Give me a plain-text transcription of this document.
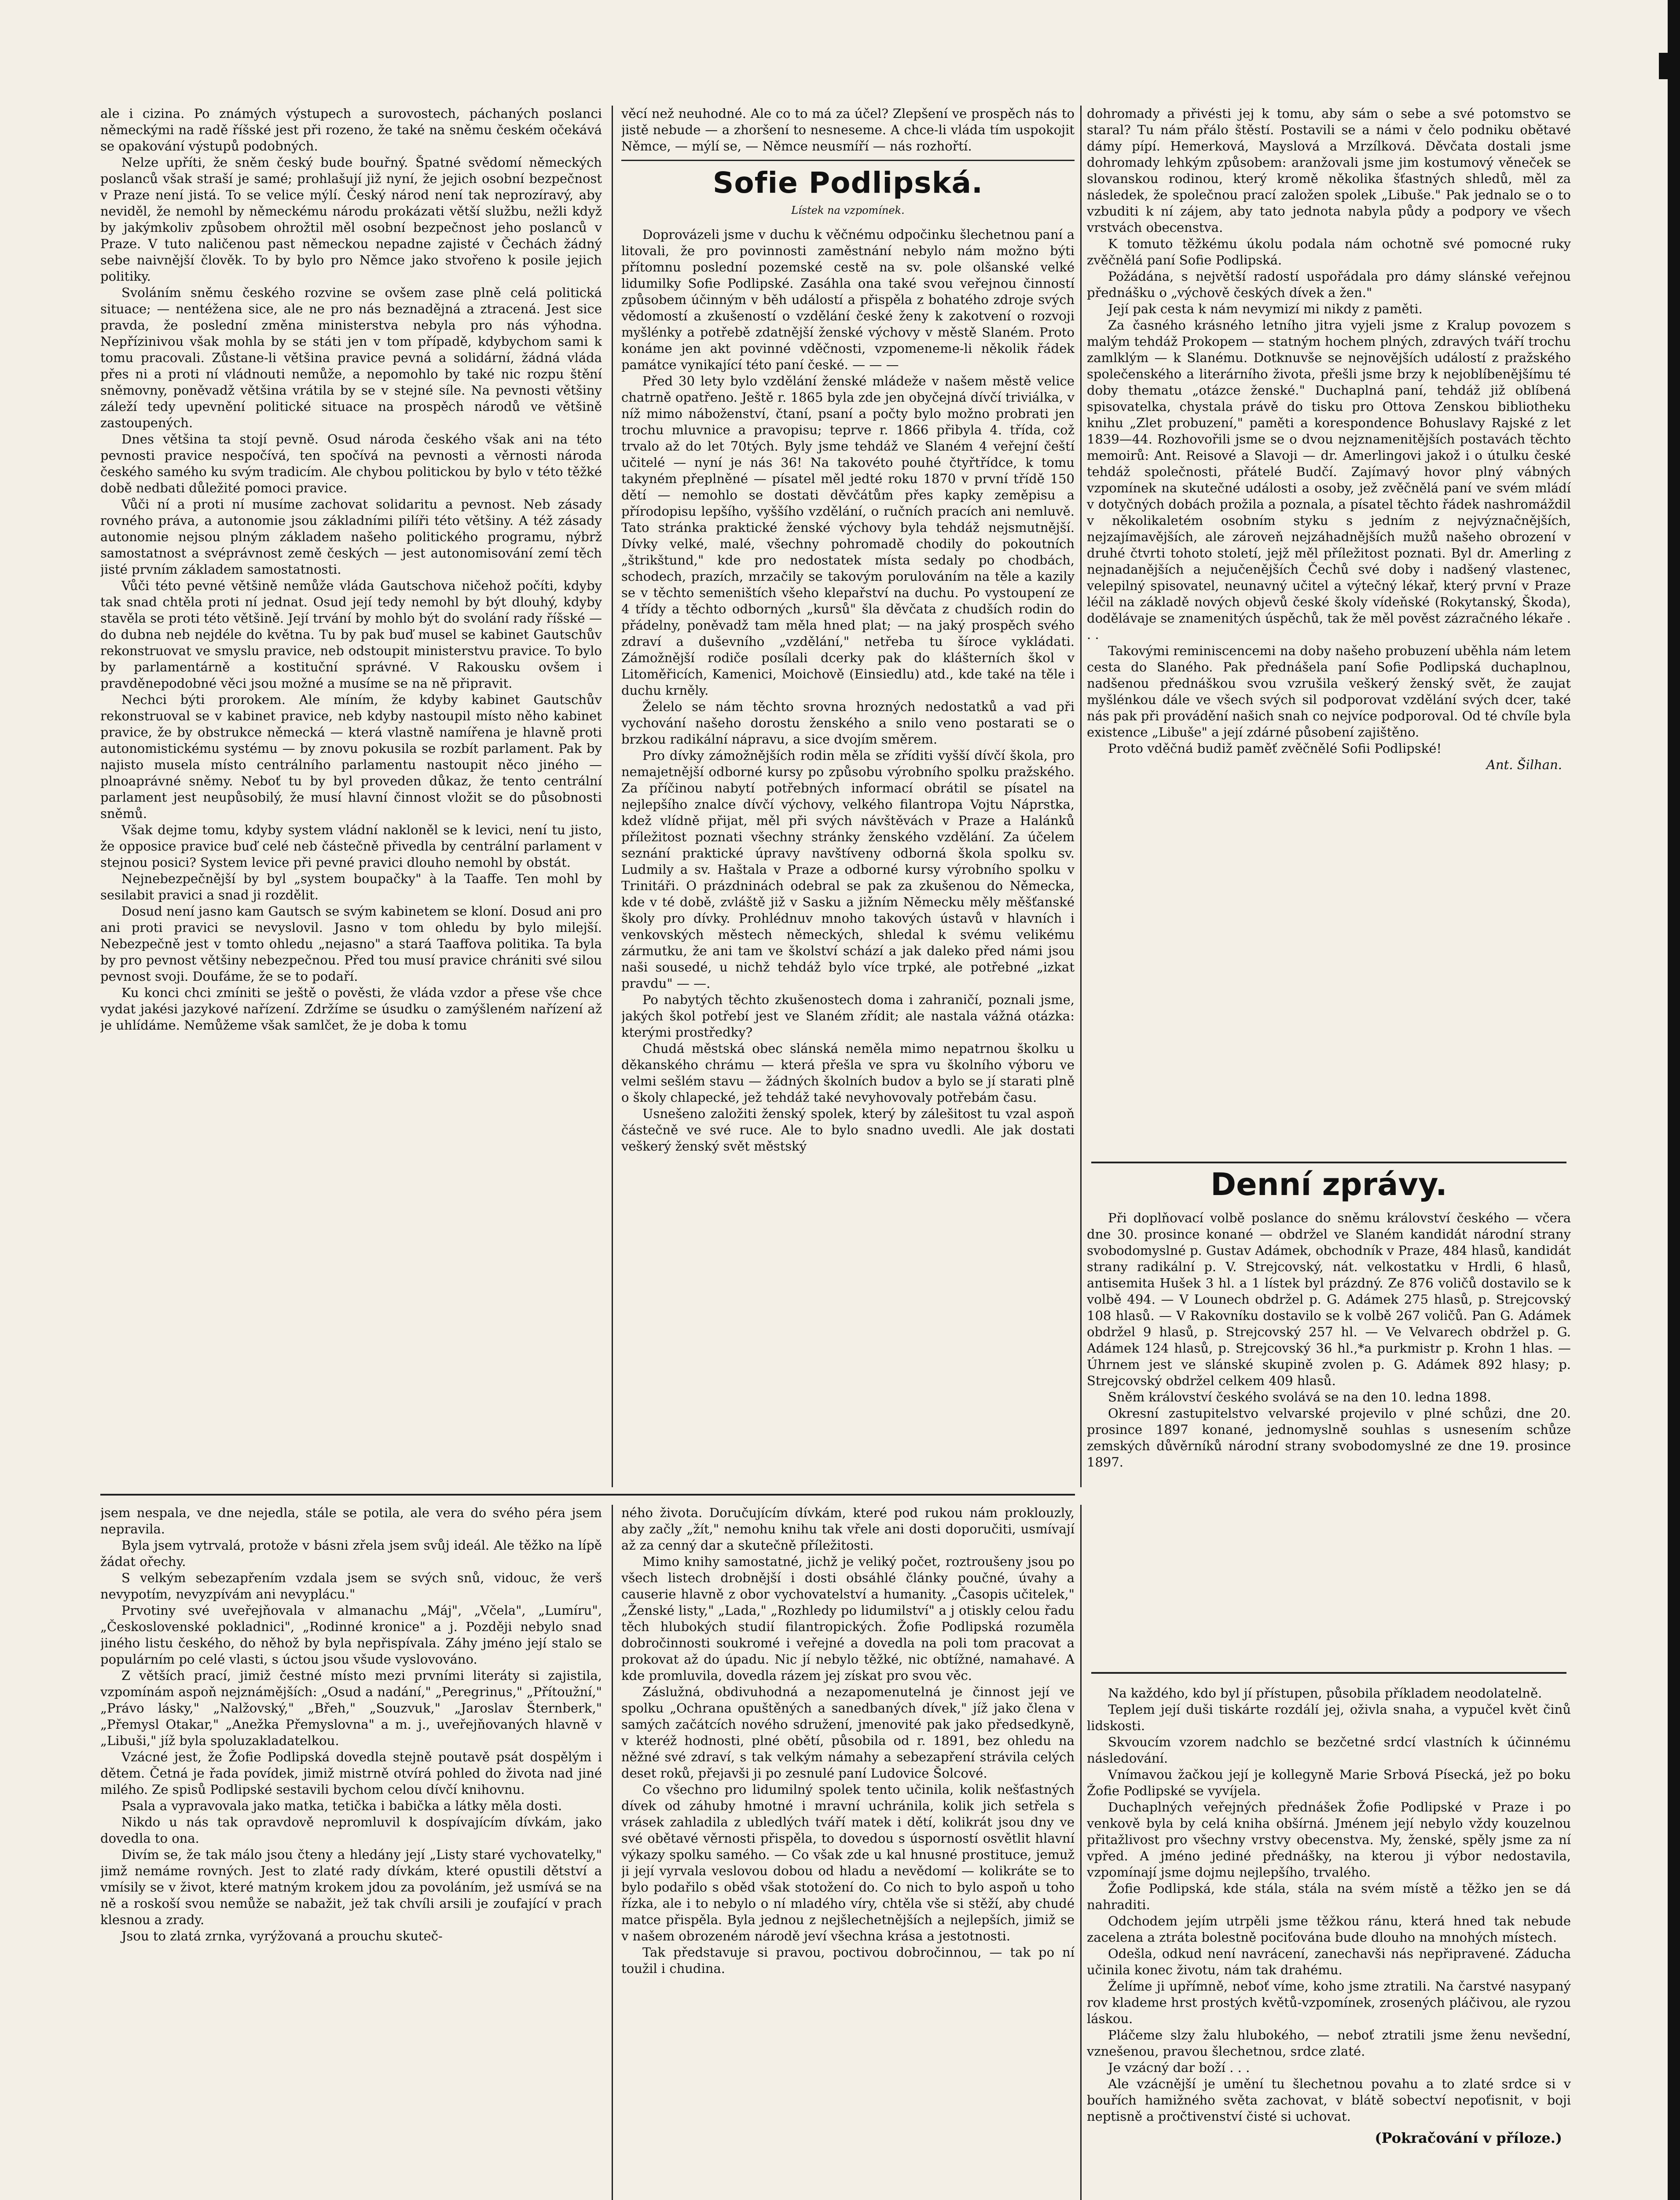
ale i cizina. Po známých výstupech a surovostech, páchaných poslanci německými na radě říšské jest při rozeno, že také na sněmu českém očekává se opakování výstupů podobných.

Nelze upříti, že sněm český bude bouřný. Špatné svědomí německých poslanců však straší je samé; prohlašují již nyní, že jejich osobní bezpečnost v Praze není jistá. To se velice mýlí. Český národ není tak neprozíravý, aby neviděl, že nemohl by německému národu prokázati větší službu, nežli když by jakýmkoliv způsobem ohrožtil měl osobní bezpečnost jeho poslanců v Praze. V tuto naličenou past německou nepadne zajisté v Čechách žádný sebe naivnější člověk. To by bylo pro Němce jako stvořeno k posile jejich politiky.

Svoláním sněmu českého rozvine se ovšem zase plně celá politická situace; — nentéžena sice, ale ne pro nás beznadějná a ztracená. Jest sice pravda, že poslední změna ministerstva nebyla pro nás výhodna. Nepřízinivou však mohla by se státi jen v tom případě, kdybychom sami k tomu pracovali. Zůstane-li většina pravice pevná a solidární, žádná vláda přes ni a proti ní vládnouti nemůže, a nepomohlo by také nic rozpu štění sněmovny, poněvadž většina vrátila by se v stejné síle. Na pevnosti většiny záleží tedy upevnění politické situace na prospěch národů ve většině zastoupených.

Dnes většina ta stojí pevně. Osud národa českého však ani na této pevnosti pravice nespočívá, ten spočívá na pevnosti a věrnosti národa českého samého ku svým tradicím. Ale chybou politickou by bylo v této těžké době nedbati důležité pomoci pravice.

Vůči ní a proti ní musíme zachovat solidaritu a pevnost. Neb zásady rovného práva, a autonomie jsou základními pilíři této většiny. A též zásady autonomie nejsou plným základem našeho politického programu, nýbrž samostatnost a svéprávnost země českých — jest autonomisování zemí těch jisté prvním základem samostatnosti.

Vůči této pevné většině nemůže vláda Gautschova ničehož počíti, kdyby tak snad chtěla proti ní jednat. Osud její tedy nemohl by být dlouhý, kdyby stavěla se proti této většině. Její trvání by mohlo být do svolání rady říšské — do dubna neb nejdéle do května. Tu by pak buď musel se kabinet Gautschův rekonstruovat ve smyslu pravice, neb odstoupit ministerstvu pravice. To bylo by parlamentárně a kostituční správné. V Rakousku ovšem i pravděnepodobné věci jsou možné a musíme se na ně připravit.

Nechci býti prorokem. Ale míním, že kdyby kabinet Gautschův rekonstruoval se v kabinet pravice, neb kdyby nastoupil místo něho kabinet pravice, že by obstrukce německá — která vlastně namířena je hlavně proti autonomistickému systému — by znovu pokusila se rozbít parlament. Pak by najisto musela místo centrálního parlamentu nastoupit něco jiného — plnoaprávné sněmy. Neboť tu by byl proveden důkaz, že tento centrální parlament jest neupůsobilý, že musí hlavní činnost vložit se do působnosti sněmů.

Však dejme tomu, kdyby system vládní nakloněl se k levici, není tu jisto, že opposice pravice buď celé neb částečně přivedla by centrální parlament v stejnou posici? System levice při pevné pravici dlouho nemohl by obstát.

Nejnebezpečnější by byl „system boupačky" à la Taaffe. Ten mohl by sesilabit pravici a snad ji rozdělit.

Dosud není jasno kam Gautsch se svým kabinetem se kloní. Dosud ani pro ani proti pravici se nevyslovil. Jasno v tom ohledu by bylo milejší. Nebezpečně jest v tomto ohledu „nejasno" a stará Taaffova politika. Ta byla by pro pevnost většiny nebezpečnou. Před tou musí pravice chrániti své silou pevnost svoji. Doufáme, že se to podaří.

Ku konci chci zmíniti se ještě o pověsti, že vláda vzdor a přese vše chce vydat jakési jazykové nařízení. Zdržíme se úsudku o zamýšleném nařízení až je uhlídáme. Nemůžeme však samlčet, že je doba k tomu

věcí než neuhodné. Ale co to má za účel? Zlepšení ve prospěch nás to jistě nebude — a zhoršení to nesneseme. A chce-li vláda tím uspokojit Němce, — mýlí se, — Němce neusmíří — nás rozhořtí.

Sofie Podlipská.
Lístek na vzpomínek.

Doprovázeli jsme v duchu k věčnému odpočinku šlechetnou paní a litovali, že pro povinnosti zaměstnání nebylo nám možno býti přítomnu poslední pozemské cestě na sv. pole olšanské velké lidumilky Sofie Podlipské. Zasáhla ona také svou veřejnou činností způsobem účinným v běh událostí a přispěla z bohatého zdroje svých vědomostí a zkušeností o vzdělání české ženy k zakotvení o rozvoji myšlénky a potřebě zdatnější ženské výchovy v městě Slaném. Proto konáme jen akt povinné vděčnosti, vzpomeneme-li několik řádek památce vynikající této paní české. — — —

Před 30 lety bylo vzdělání ženské mládeže v našem městě velice chatrně opatřeno. Ještě r. 1865 byla zde jen obyčejná dívčí triviálka, v níž mimo náboženství, čtaní, psaní a počty bylo možno probrati jen trochu mluvnice a pravopisu; teprve r. 1866 přibyla 4. třída, což trvalo až do let 70tých. Byly jsme tehdáž ve Slaném 4 veřejní čeští učitelé — nyní je nás 36! Na takovéto pouhé čtyřtřídce, k tomu takyném přeplněné — písatel měl jedté roku 1870 v první třídě 150 dětí — nemohlo se dostati děvčátům přes kapky zeměpisu a přírodopisu lepšího, vyššího vzdělání, o ručních pracích ani nemluvě. Tato stránka praktické ženské výchovy byla tehdáž nejsmutnější. Dívky velké, malé, všechny pohromadě chodily do pokoutních „štrikštund," kde pro nedostatek místa sedaly po chodbách, schodech, prazích, mrzačily se takovým porulováním na těle a kazily se v těchto semeništích všeho klepařství na duchu. Po vystoupení ze 4 třídy a těchto odborných „kursů" šla děvčata z chudších rodin do přádelny, poněvadž tam měla hned plat; — na jaký prospěch svého zdraví a duševního „vzdělání," netřeba tu šíroce vykládati. Zámožnější rodiče posílali dcerky pak do klášterních škol v Litoměřicích, Kamenici, Moichově (Einsiedlu) atd., kde také na těle i duchu krněly.

Želelo se nám těchto srovna hrozných nedostatků a vad při vychování našeho dorostu ženského a snilo veno postarati se o brzkou radikální nápravu, a sice dvojím směrem.

Pro dívky zámožnějších rodin měla se zříditi vyšší dívčí škola, pro nemajetnější odborné kursy po způsobu výrobního spolku pražského. Za příčinou nabytí potřebných informací obrátil se písatel na nejlepšího znalce dívčí výchovy, velkého filantropa Vojtu Náprstka, kdež vlídně přijat, měl při svých návštěvách v Praze a Halánků příležitost poznati všechny stránky ženského vzdělání. Za účelem seznání praktické úpravy navštíveny odborná škola spolku sv. Ludmily a sv. Haštala v Praze a odborné kursy výrobního spolku v Trinitáři. O prázdninách odebral se pak za zkušenou do Německa, kde v té době, zvláště již v Sasku a jižním Německu měly měšťanské školy pro dívky. Prohlédnuv mnoho takových ústavů v hlavních i venkovských městech německých, shledal k svému velikému zármutku, že ani tam ve školství schází a jak daleko před námi jsou naši sousedé, u nichž tehdáž bylo více trpké, ale potřebné „izkat pravdu" — —.

Po nabytých těchto zkušenostech doma i zahraničí, poznali jsme, jakých škol potřebí jest ve Slaném zřídit; ale nastala vážná otázka: kterými prostředky?

Chudá městská obec slánská neměla mimo nepatrnou školku u děkanského chrámu — která přešla ve spra vu školního výboru ve velmi sešlém stavu — žádných školních budov a bylo se jí starati plně o školy chlapecké, jež tehdáž také nevyhovovaly potřebám času.

Usnešeno založiti ženský spolek, který by zálešitost tu vzal aspoň částečně ve své ruce. Ale to bylo snadno uvedli. Ale jak dostati veškerý ženský svět městský

dohromady a přivésti jej k tomu, aby sám o sebe a své potomstvo se staral? Tu nám přálo štěstí. Postavili se a námi v čelo podniku obětavé dámy pípí. Hemerková, Mayslová a Mrzílková. Děvčata dostali jsme dohromady lehkým způsobem: aranžovali jsme jim kostumový věneček se slovanskou rodinou, který kromě několika šťastných shledů, měl za následek, že společnou prací založen spolek „Libuše." Pak jednalo se o to vzbuditi k ní zájem, aby tato jednota nabyla půdy a podpory ve všech vrstvách obecenstva.

K tomuto těžkému úkolu podala nám ochotně své pomocné ruky zvěčnělá paní Sofie Podlipská.

Požádána, s největší radostí uspořádala pro dámy slánské veřejnou přednášku o „výchově českých dívek a žen."

Její pak cesta k nám nevymizí mi nikdy z paměti.

Za časného krásného letního jitra vyjeli jsme z Kralup povozem s malým tehdáž Prokopem — statným hochem plných, zdravých tváří trochu zamlklým — k Slanému. Dotknuvše se nejnovějších událostí z pražského společenského a literárního života, přešli jsme brzy k nejoblíbenějšímu té doby thematu „otázce ženské." Duchaplná paní, tehdáž již oblíbená spisovatelka, chystala právě do tisku pro Ottova Zenskou bibliotheku knihu „Zlet probuzení," paměti a korespondence Bohuslavy Rajské z let 1839—44. Rozhovořili jsme se o dvou nejznamenitějších postavách těchto memoirů: Ant. Reisové a Slavoji — dr. Amerlingovi jakož i o útulku české tehdáž společnosti, přátelé Budčí. Zajímavý hovor plný vábných vzpomínek na skutečné události a osoby, jež zvěčnělá paní ve svém mládí v dotyčných dobách prožila a poznala, a písatel těchto řádek nashromáždil v několikaletém osobním styku s jedním z nejvýznačnějších, nejzajímavějších, ale zároveň nejzáhadnějších mužů našeho obrození v druhé čtvrti tohoto století, jejž měl příležitost poznati. Byl dr. Amerling z nejnadanějších a nejučenějších Čechů své doby i nadšený vlastenec, velepilný spisovatel, neunavný učitel a výtečný lékař, který první v Praze léčil na základě nových objevů české školy vídeňské (Rokytanský, Škoda), dodělávaje se znamenitých úspěchů, tak že měl pověst zázračného lékaře . . .

Takovými reminiscencemi na doby našeho probuzení uběhla nám letem cesta do Slaného. Pak přednášela paní Sofie Podlipská duchaplnou, nadšenou přednáškou svou vzrušila veškerý ženský svět, že zaujat myšlénkou dále ve všech svých sil podporovat vzdělání svých dcer, také nás pak při provádění našich snah co nejvíce podporoval. Od té chvíle byla existence „Libuše" a její zdárné působení zajištěno.

Proto vděčná budiž paměť zvěčnělé Sofii Podlipské!

Ant. Šilhan.
Denní zprávy.

Při doplňovací volbě poslance do sněmu království českého — včera dne 30. prosince konané — obdržel ve Slaném kandidát národní strany svobodomyslné p. Gustav Adámek, obchodník v Praze, 484 hlasů, kandidát strany radikální p. V. Strejcovský, nát. velkostatku v Hrdli, 6 hlasů, antisemita Hušek 3 hl. a 1 lístek byl prázdný. Ze 876 voličů dostavilo se k volbě 494. — V Lounech obdržel p. G. Adámek 275 hlasů, p. Strejcovský 108 hlasů. — V Rakovníku dostavilo se k volbě 267 voličů. Pan G. Adámek obdržel 9 hlasů, p. Strejcovský 257 hl. — Ve Velvarech obdržel p. G. Adámek 124 hlasů, p. Strejcovský 36 hl.,*a purkmistr p. Krohn 1 hlas. — Úhrnem jest ve slánské skupině zvolen p. G. Adámek 892 hlasy; p. Strejcovský obdržel celkem 409 hlasů.

Sněm království českého svolává se na den 10. ledna 1898.

Okresní zastupitelstvo velvarské projevilo v plné schůzi, dne 20. prosince 1897 konané, jednomyslně souhlas s usnesením schůze zemských důvěrníků národní strany svobodomyslné ze dne 19. prosince 1897.

jsem nespala, ve dne nejedla, stále se potila, ale vera do svého péra jsem nepravila.

Byla jsem vytrvalá, protože v básni zřela jsem svůj ideál. Ale těžko na lípě žádat ořechy.

S velkým sebezapřením vzdala jsem se svých snů, vidouc, že verš nevypotím, nevyzpívám ani nevyplácu."

Prvotiny své uveřejňovala v almanachu „Máj", „Včela", „Lumíru", „Československé pokladnici", „Rodinné kronice" a j. Později nebylo snad jiného listu českého, do něhož by byla nepřispívala. Záhy jméno její stalo se populárním po celé vlasti, s úctou jsou všude vyslovováno.

Z větších prací, jimiž čestné místo mezi prvními literáty si zajistila, vzpomínám aspoň nejznámějších: „Osud a nadání," „Peregrinus," „Přítoužní," „Právo lásky," „Nalžovský," „Břeh," „Souzvuk," „Jaroslav Šternberk," „Přemysl Otakar," „Anežka Přemyslovna" a m. j., uveřejňovaných hlavně v „Libuši," jíž byla spoluzakladatelkou.

Vzácné jest, že Žofie Podlipská dovedla stejně poutavě psát dospělým i dětem. Četná je řada povídek, jimiž mistrně otvírá pohled do života nad jiné milého. Ze spisů Podlipské sestavili bychom celou dívčí knihovnu.

Psala a vypravovala jako matka, tetička i babička a látky měla dosti.

Nikdo u nás tak opravdově nepromluvil k dospívajícím dívkám, jako dovedla to ona.

Divím se, že tak málo jsou čteny a hledány její „Listy staré vychovatelky," jimž nemáme rovných. Jest to zlaté rady dívkám, které opustili dětství a vmísily se v život, které matným krokem jdou za povoláním, jež usmívá se na ně a roskoší svou nemůže se nabažit, jež tak chvíli arsili je zoufající v prach klesnou a zrady.

Jsou to zlatá zrnka, vyrýžovaná a prouchu skuteč-

ného života. Doručujícím dívkám, které pod rukou nám proklouzly, aby začly „žít," nemohu knihu tak vřele ani dosti doporučiti, usmívají až za cenný dar a skutečně příležitosti.

Mimo knihy samostatné, jichž je veliký počet, roztroušeny jsou po všech listech drobnější i dosti obsáhlé články poučné, úvahy a causerie hlavně z obor vychovatelství a humanity. „Časopis učitelek," „Ženské listy," „Lada," „Rozhledy po lidumilství" a j otiskly celou řadu těch hlubokých studií filantropických. Žofie Podlipská rozuměla dobročinnosti soukromé i veřejné a dovedla na poli tom pracovat a prokovat až do úpadu. Nic jí nebylo těžké, nic obtížné, namahavé. A kde promluvila, dovedla rázem jej získat pro svou věc.

Záslužná, obdivuhodná a nezapomenutelná je činnost její ve spolku „Ochrana opuštěných a sanedbaných dívek," jíž jako člena v samých začátcích nového sdružení, jmenovité pak jako předsedkyně, v kteréž hodnosti, plné obětí, působila od r. 1891, bez ohledu na něžné své zdraví, s tak velkým námahy a sebezapření strávila celých deset roků, přejavši ji po zesnulé paní Ludovice Šolcové.

Co všechno pro lidumilný spolek tento učinila, kolik nešťastných dívek od záhuby hmotné i mravní uchránila, kolik jich setřela s vrásek zahladila z ubledlých tváří matek i dětí, kolikrát jsou dny ve své obětavé věrnosti přispěla, to dovedou s úsporností osvětlit hlavní výkazy spolku samého. — Co však zde u kal hnusné prostituce, jemuž ji její vyrvala veslovou dobou od hladu a nevědomí — kolikráte se to bylo podařilo s oběd však stotožení do. Co nich to bylo aspoň u toho řízka, ale i to nebylo o ní mladého víry, chtěla vše si stěží, aby chudé matce přispěla. Byla jednou z nejšlechetnějších a nejlepších, jimiž se v našem obrozeném národě jeví všechna krása a jestotnosti.

Tak představuje si pravou, poctivou dobročinnou, — tak po ní toužil i chudina.

Na každého, kdo byl jí přístupen, působila příkladem neodolatelně.

Teplem její duši tiskárte rozdálí jej, oživla snaha, a vypučel květ činů lidskosti.

Skvoucím vzorem nadchlo se bezčetné srdcí vlastních k účinnému následování.

Vnímavou žačkou její je kollegyně Marie Srbová Písecká, jež po boku Žofie Podlipské se vyvíjela.

Duchaplných veřejných přednášek Žofie Podlipské v Praze i po venkově byla by celá kniha obšírná. Jménem její nebylo vždy kouzelnou přitažlivost pro všechny vrstvy obecenstva. My, ženské, spěly jsme za ní vpřed. A jméno jediné přednášky, na kterou ji výbor nedostavila, vzpomínají jsme dojmu nejlepšího, trvalého.

Žofie Podlipská, kde stála, stála na svém místě a těžko jen se dá nahraditi.

Odchodem jejím utrpěli jsme těžkou ránu, která hned tak nebude zacelena a ztráta bolestně pociťována bude dlouho na mnohých místech.

Odešla, odkud není navrácení, zanechavši nás nepřipravené. Záducha učinila konec životu, nám tak drahému.

Želíme ji upřímně, neboť víme, koho jsme ztratili. Na čarstvé nasypaný rov klademe hrst prostých květů-vzpomínek, zrosených pláčivou, ale ryzou láskou.

Pláčeme slzy žalu hlubokého, — neboť ztratili jsme ženu nevšední, vznešenou, pravou šlechetnou, srdce zlaté.

Je vzácný dar boží . . .

Ale vzácnější je umění tu šlechetnou povahu a to zlaté srdce si v bouřích hamižného světa zachovat, v blátě sobectví nepoťisnit, v boji neptisně a pročtivenství čisté si uchovat.

(Pokračování v příloze.)
